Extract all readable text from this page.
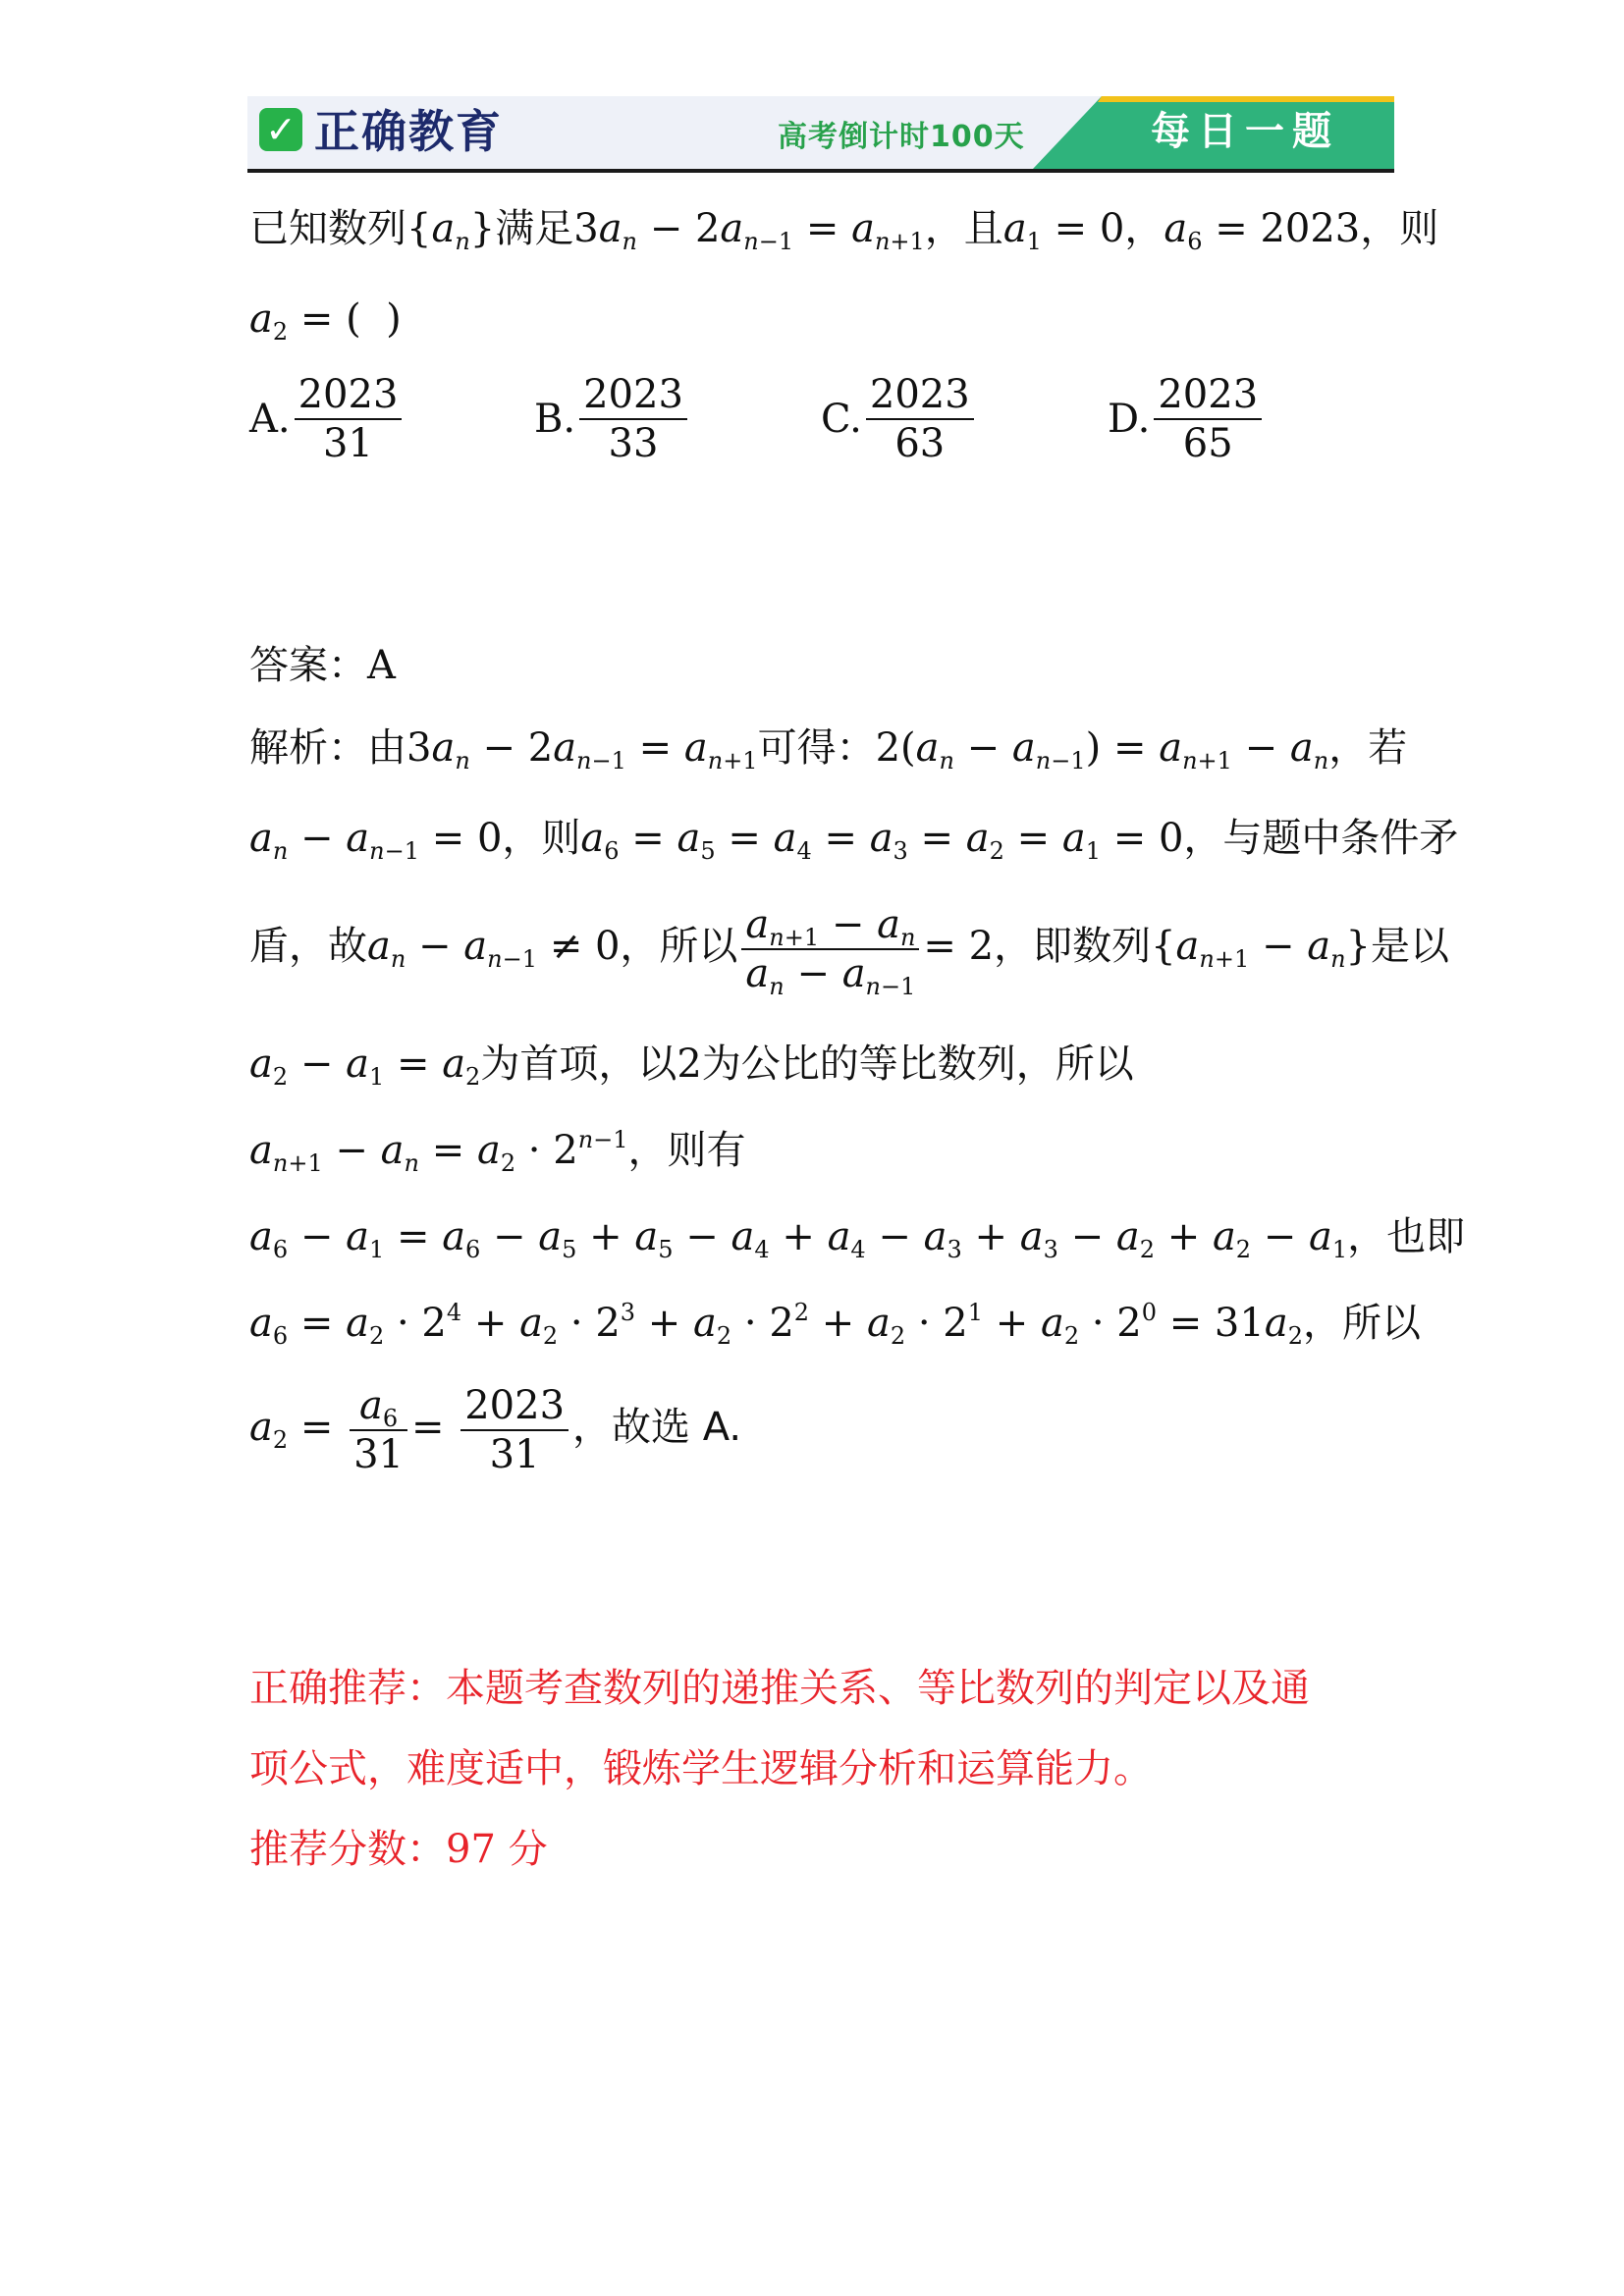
✓ 正确教育	高考倒计时100天	每日一题
已知数列$\{a_n\}$满足$3a_n - 2a_{n-1} = a_{n+1}$，且$a_1 = 0$，$a_6 = 2023$，则
$a_2$ = (  )
A. $\frac{2023}{31}$	B. $\frac{2023}{33}$	C. $\frac{2023}{63}$	D. $\frac{2023}{65}$
答案：A
解析：由$3a_n - 2a_{n-1} = a_{n+1}$可得：$2(a_n - a_{n-1}) = a_{n+1} - a_n$，若
$a_n - a_{n-1} = 0$，则$a_6 = a_5 = a_4 = a_3 = a_2 = a_1 = 0$，与题中条件矛
盾，故$a_n - a_{n-1} \ne 0$，所以 $\frac{a_{n+1} - a_n}{a_n - a_{n-1}} = 2$，即数列$\{a_{n+1} - a_n\}$是以
$a_2 - a_1 = a_2$为首项，以2为公比的等比数列，所以
$a_{n+1} - a_n = a_2 \cdot 2^{n-1}$，则有
$a_6 - a_1 = a_6 - a_5 + a_5 - a_4 + a_4 - a_3 + a_3 - a_2 + a_2 - a_1$，也即
$a_6 = a_2 \cdot 2^4 + a_2 \cdot 2^3 + a_2 \cdot 2^2 + a_2 \cdot 2^1 + a_2 \cdot 2^0 = 31a_2$，所以
$a_2 = \frac{a_6}{31} = \frac{2023}{31}$ ，故选 A.
正确推荐：本题考查数列的递推关系、等比数列的判定以及通
项公式，难度适中，锻炼学生逻辑分析和运算能力。
推荐分数：97 分
